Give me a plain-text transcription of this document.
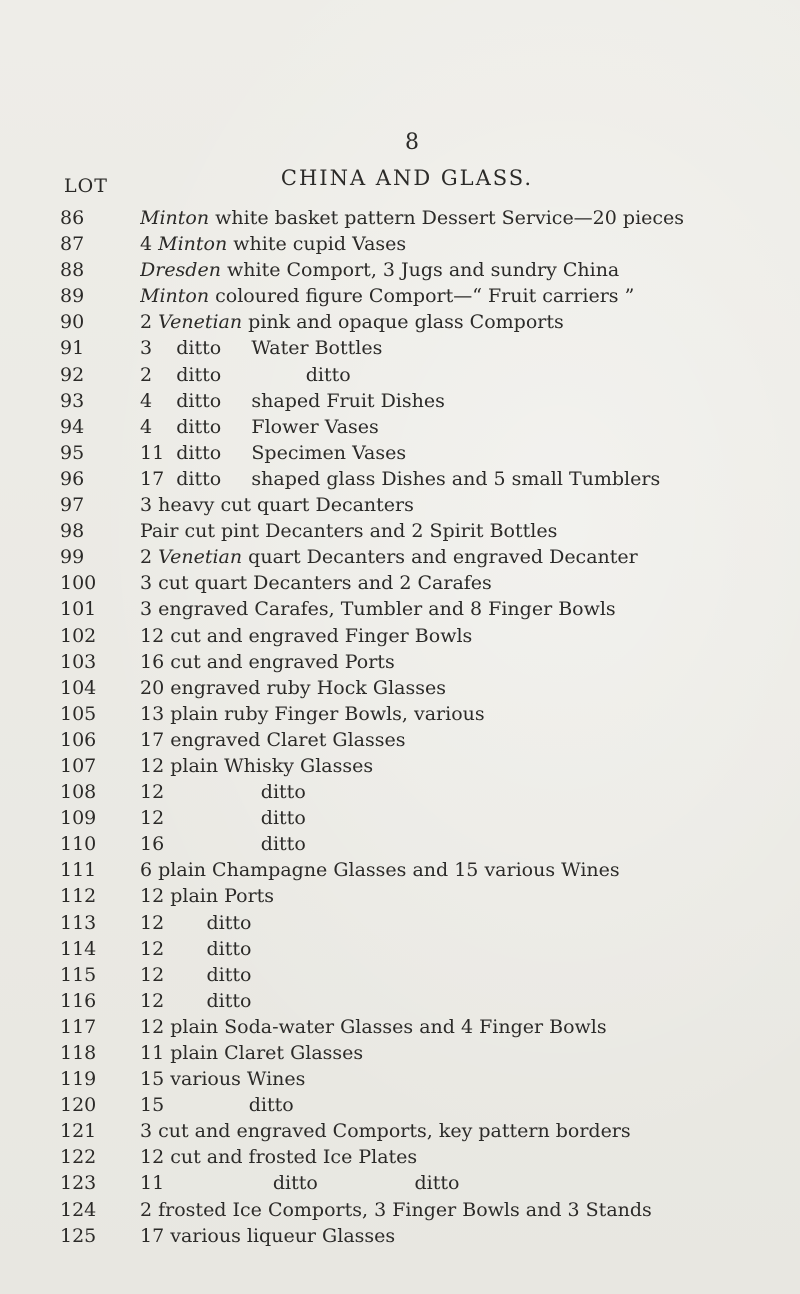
8
CHINA AND GLASS.
LOT
86	Minton white basket pattern Dessert Service—20 pieces
87	4 Minton white cupid Vases
88	Dresden white Comport, 3 Jugs and sundry China
89	Minton coloured figure Comport—“ Fruit carriers ”
90	2 Venetian pink and opaque glass Comports
91	3    ditto     Water Bottles
92	2    ditto              ditto
93	4    ditto     shaped Fruit Dishes
94	4    ditto     Flower Vases
95	11  ditto     Specimen Vases
96	17  ditto     shaped glass Dishes and 5 small Tumblers
97	3 heavy cut quart Decanters
98	Pair cut pint Decanters and 2 Spirit Bottles
99	2 Venetian quart Decanters and engraved Decanter
100	3 cut quart Decanters and 2 Carafes
101	3 engraved Carafes, Tumbler and 8 Finger Bowls
102	12 cut and engraved Finger Bowls
103	16 cut and engraved Ports
104	20 engraved ruby Hock Glasses
105	13 plain ruby Finger Bowls, various
106	17 engraved Claret Glasses
107	12 plain Whisky Glasses
108	12                ditto
109	12                ditto
110	16                ditto
111	6 plain Champagne Glasses and 15 various Wines
112	12 plain Ports
113	12       ditto
114	12       ditto
115	12       ditto
116	12       ditto
117	12 plain Soda-water Glasses and 4 Finger Bowls
118	11 plain Claret Glasses
119	15 various Wines
120	15              ditto
121	3 cut and engraved Comports, key pattern borders
122	12 cut and frosted Ice Plates
123	11                  ditto                ditto
124	2 frosted Ice Comports, 3 Finger Bowls and 3 Stands
125	17 various liqueur Glasses
